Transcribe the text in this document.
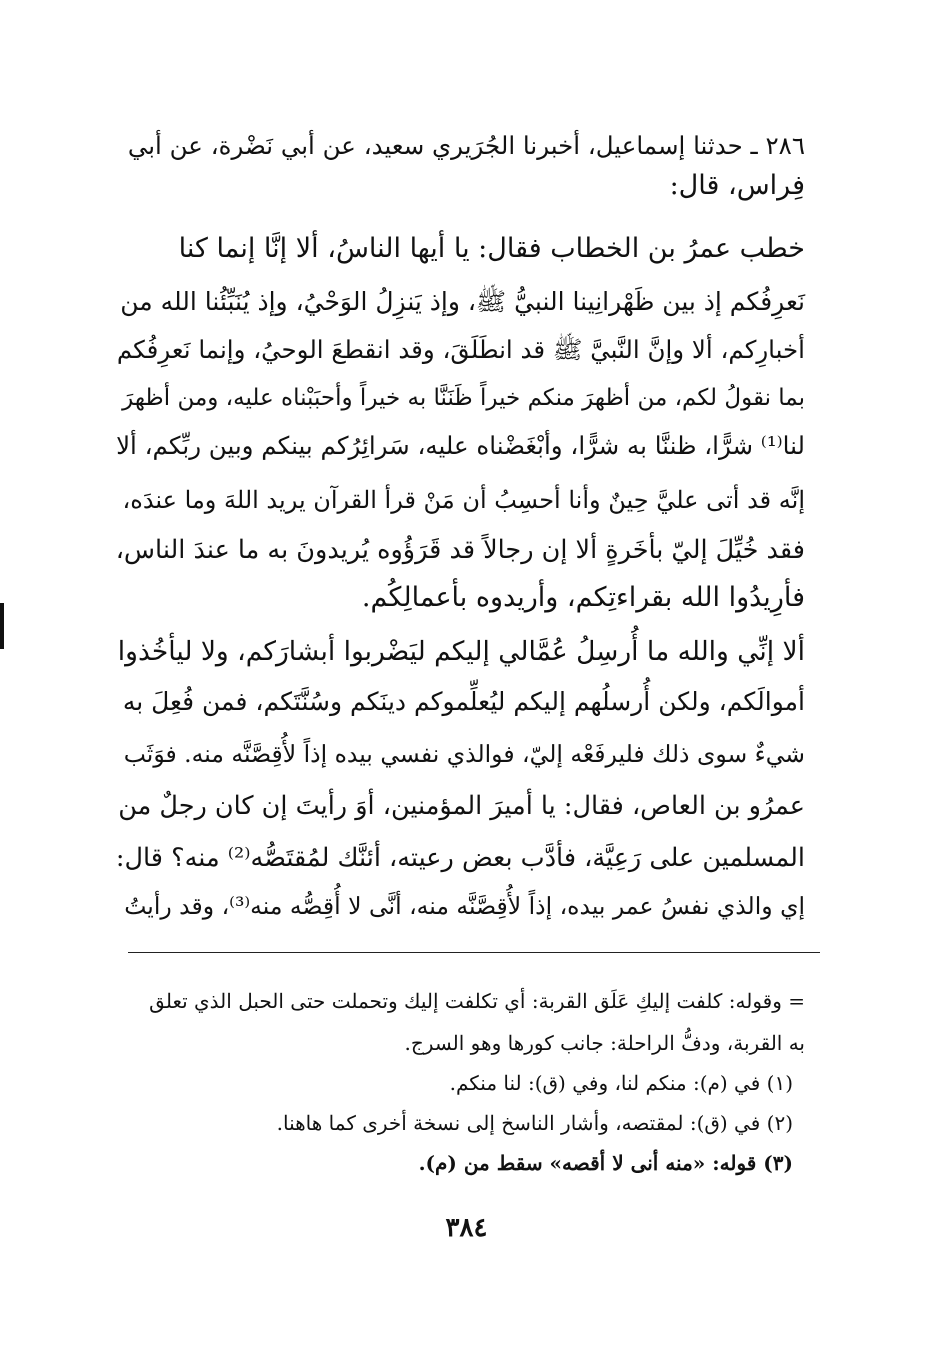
٢٨٦ ـ حدثنا إسماعيل، أخبرنا الجُرَيري سعيد، عن أبي نَضْرة، عن أبي
فِراس، قال:
خطب عمرُ بن الخطاب فقال: يا أيها الناسُ، ألا إنَّا إنما كنا
نَعرِفُكم إذ بين ظَهْرانِينا النبيُّ ﷺ، وإذ يَنزِلُ الوَحْيُ، وإذ يُنَبِّئُنا الله من
أخبارِكم، ألا وإنَّ النَّبيَّ ﷺ قد انطَلَقَ، وقد انقطعَ الوحيُ، وإنما نَعرِفُكم
بما نقولُ لكم، من أظهرَ منكم خيراً ظَنَنَّا به خيراً وأحبَبْناه عليه، ومن أظهرَ
لنا⁽¹⁾ شرًّا، ظننَّا به شرًّا، وأبْغَضْناه عليه، سَرائِرُكم بينكم وبين ربِّكم، ألا
إنَّه قد أتى عليَّ حِينٌ وأنا أحسِبُ أن مَنْ قرأ القرآن يريد اللهَ وما عندَه،
فقد خُيِّلَ إليّ بأخَرةٍ ألا إن رجالاً قد قَرَؤُوه يُريدونَ به ما عندَ الناس،
فأرِيدُوا الله بقراءتِكم، وأريدوه بأعمالِكُم.
ألا إنِّي والله ما أُرسِلُ عُمَّالي إليكم ليَضْربوا أبشارَكم، ولا ليأخُذوا
أموالَكم، ولكن أُرسلُهم إليكم ليُعلِّموكم دينَكم وسُنَّتَكم، فمن فُعِلَ به
شيءٌ سوى ذلك فليرفَعْه إليّ، فوالذي نفسي بيده إذاً لأُقِصَّنَّه منه. فوَثَب
عمرُو بن العاص، فقال: يا أميرَ المؤمنين، أوَ رأيتَ إن كان رجلٌ من
المسلمين على رَعِيَّة، فأدَّب بعض رعيته، أئنَّك لمُقتَصُّه⁽²⁾ منه؟ قال:
إي والذي نفسُ عمر بيده، إذاً لأُقِصَّنَّه منه، أنَّى لا أُقِصُّه منه⁽³⁾، وقد رأيتُ
= وقوله: كلفت إليكِ عَلَق القربة: أي تكلفت إليك وتحملت حتى الحبل الذي تعلق
به القربة، ودفُّ الراحلة: جانب كورها وهو السرج.
(١) في (م): منكم لنا، وفي (ق): لنا منكم.
(٢) في (ق): لمقتصه، وأشار الناسخ إلى نسخة أخرى كما هاهنا.
(٣) قوله: «منه أنى لا أقصه» سقط من (م).
٣٨٤
